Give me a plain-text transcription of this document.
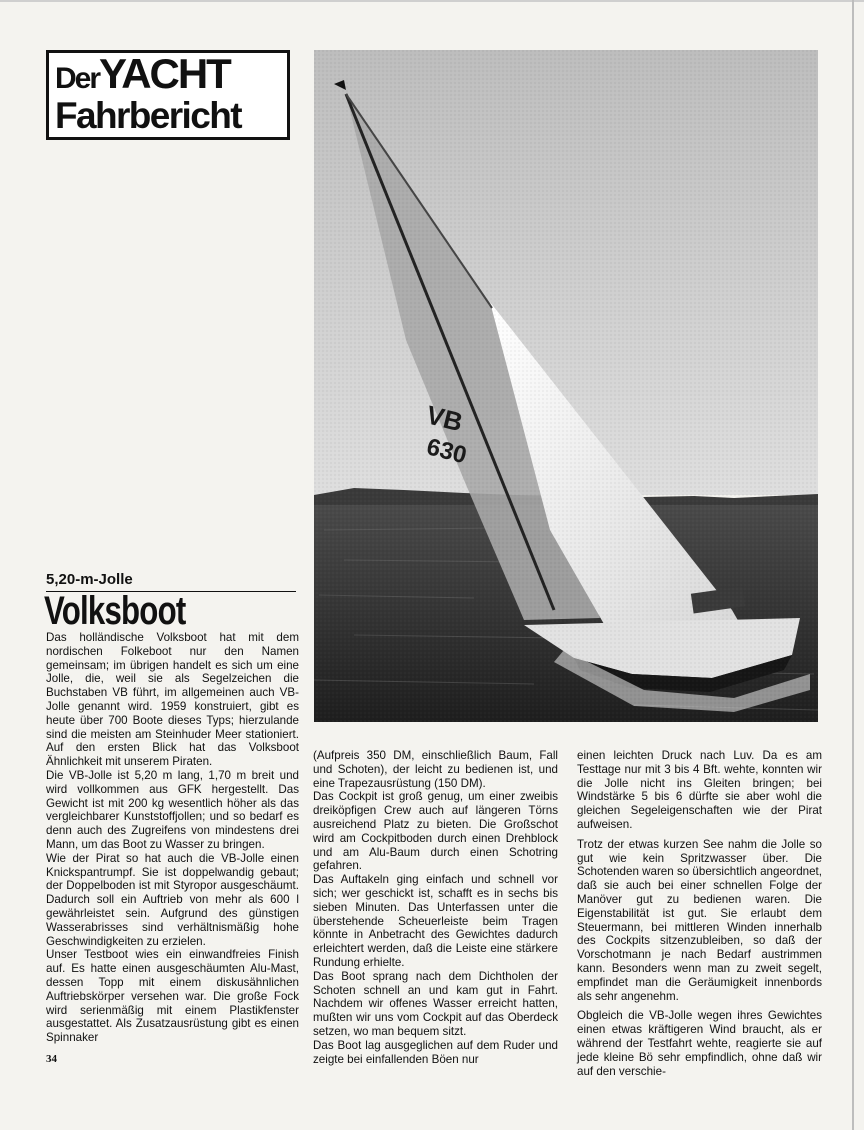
DerYACHT
Fahrbericht
5,20-m-Jolle
Volksboot

Das holländische Volksboot hat mit dem nordischen Folkeboot nur den Namen gemeinsam; im übrigen handelt es sich um eine Jolle, die, weil sie als Segelzeichen die Buchstaben VB führt, im allgemeinen auch VB-Jolle genannt wird. 1959 konstruiert, gibt es heute über 700 Boote dieses Typs; hierzulande sind die meisten am Steinhuder Meer stationiert. Auf den ersten Blick hat das Volksboot Ähnlichkeit mit unserem Piraten.

Die VB-Jolle ist 5,20 m lang, 1,70 m breit und wird vollkommen aus GFK hergestellt. Das Gewicht ist mit 200 kg wesentlich höher als das vergleichbarer Kunststoffjollen; und so bedarf es denn auch des Zugreifens von mindestens drei Mann, um das Boot zu Wasser zu bringen.

Wie der Pirat so hat auch die VB-Jolle einen Knickspantrumpf. Sie ist doppelwandig gebaut; der Doppelboden ist mit Styropor ausgeschäumt. Dadurch soll ein Auftrieb von mehr als 600 l gewährleistet sein. Aufgrund des günstigen Wasserabrisses sind verhältnismäßig hohe Geschwindigkeiten zu erzielen.

Unser Testboot wies ein einwandfreies Finish auf. Es hatte einen ausgeschäumten Alu-Mast, dessen Topp mit einem diskusähnlichen Auftriebskörper versehen war. Die große Fock wird serienmäßig mit einem Plastikfenster ausgestattet. Als Zusatzausrüstung gibt es einen Spinnaker

(Aufpreis 350 DM, einschließlich Baum, Fall und Schoten), der leicht zu bedienen ist, und eine Trapezausrüstung (150 DM).

Das Cockpit ist groß genug, um einer zweibis dreiköpfigen Crew auch auf längeren Törns ausreichend Platz zu bieten. Die Großschot wird am Cockpitboden durch einen Drehblock und am Alu-Baum durch einen Schotring gefahren.

Das Auftakeln ging einfach und schnell vor sich; wer geschickt ist, schafft es in sechs bis sieben Minuten. Das Unterfassen unter die überstehende Scheuerleiste beim Tragen könnte in Anbetracht des Gewichtes dadurch erleichtert werden, daß die Leiste eine stärkere Rundung erhielte.

Das Boot sprang nach dem Dichtholen der Schoten schnell an und kam gut in Fahrt. Nachdem wir offenes Wasser erreicht hatten, mußten wir uns vom Cockpit auf das Oberdeck setzen, wo man bequem sitzt.

Das Boot lag ausgeglichen auf dem Ruder und zeigte bei einfallenden Böen nur

einen leichten Druck nach Luv. Da es am Testtage nur mit 3 bis 4 Bft. wehte, konnten wir die Jolle nicht ins Gleiten bringen; bei Windstärke 5 bis 6 dürfte sie aber wohl die gleichen Segeleigenschaften wie der Pirat aufweisen.

Trotz der etwas kurzen See nahm die Jolle so gut wie kein Spritzwasser über. Die Schotenden waren so übersichtlich angeordnet, daß sie auch bei einer schnellen Folge der Manöver gut zu bedienen waren. Die Eigenstabilität ist gut. Sie erlaubt dem Steuermann, bei mittleren Winden innerhalb des Cockpits sitzenzubleiben, so daß der Vorschotmann je nach Bedarf austrimmen kann. Besonders wenn man zu zweit segelt, empfindet man die Geräumigkeit innenbords als sehr angenehm.

Obgleich die VB-Jolle wegen ihres Gewichtes einen etwas kräftigeren Wind braucht, als er während der Testfahrt wehte, reagierte sie auf jede kleine Bö sehr empfindlich, ohne daß wir auf den verschie-

34
